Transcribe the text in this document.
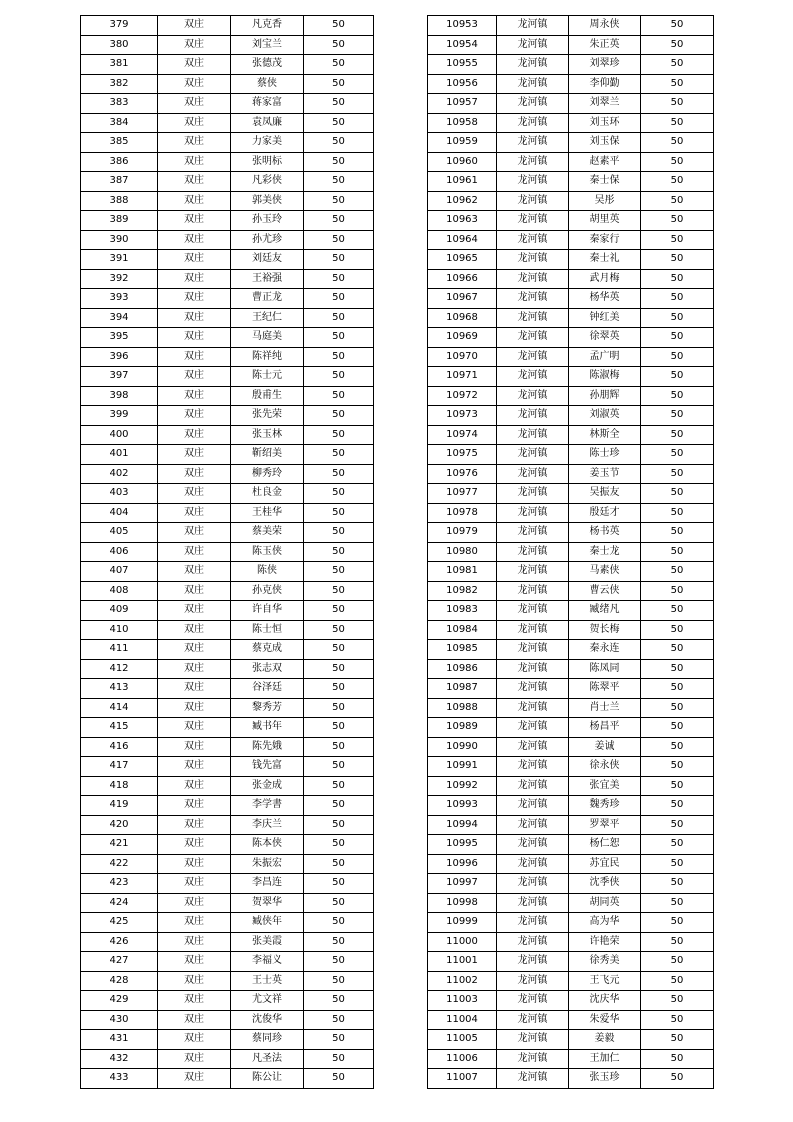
379	双庄	凡克香	50
380	双庄	刘宝兰	50
381	双庄	张德茂	50
382	双庄	蔡侠	50
383	双庄	蒋家富	50
384	双庄	袁凤廉	50
385	双庄	力家美	50
386	双庄	张明标	50
387	双庄	凡彩侠	50
388	双庄	郭美侠	50
389	双庄	孙玉玲	50
390	双庄	孙尤珍	50
391	双庄	刘廷友	50
392	双庄	王裕强	50
393	双庄	曹正龙	50
394	双庄	王纪仁	50
395	双庄	马庭美	50
396	双庄	陈祥纯	50
397	双庄	陈士元	50
398	双庄	殷甫生	50
399	双庄	张先荣	50
400	双庄	张玉林	50
401	双庄	靳绍美	50
402	双庄	柳秀玲	50
403	双庄	杜良金	50
404	双庄	王桂华	50
405	双庄	蔡美荣	50
406	双庄	陈玉侠	50
407	双庄	陈侠	50
408	双庄	孙克侠	50
409	双庄	许自华	50
410	双庄	陈士恒	50
411	双庄	蔡克成	50
412	双庄	张志双	50
413	双庄	谷泽廷	50
414	双庄	黎秀芳	50
415	双庄	臧书年	50
416	双庄	陈先娥	50
417	双庄	钱先富	50
418	双庄	张金成	50
419	双庄	李学書	50
420	双庄	李庆兰	50
421	双庄	陈本侠	50
422	双庄	朱振宏	50
423	双庄	李昌连	50
424	双庄	贺翠华	50
425	双庄	臧侠年	50
426	双庄	张美霞	50
427	双庄	李福义	50
428	双庄	王士英	50
429	双庄	尤文祥	50
430	双庄	沈俊华	50
431	双庄	蔡同珍	50
432	双庄	凡圣法	50
433	双庄	陈公让	50
10953	龙河镇	周永侠	50
10954	龙河镇	朱正英	50
10955	龙河镇	刘翠珍	50
10956	龙河镇	李仰勤	50
10957	龙河镇	刘翠兰	50
10958	龙河镇	刘玉环	50
10959	龙河镇	刘玉保	50
10960	龙河镇	赵素平	50
10961	龙河镇	秦士保	50
10962	龙河镇	吴彤	50
10963	龙河镇	胡里英	50
10964	龙河镇	秦家行	50
10965	龙河镇	秦士礼	50
10966	龙河镇	武月梅	50
10967	龙河镇	杨华英	50
10968	龙河镇	钟红美	50
10969	龙河镇	徐翠英	50
10970	龙河镇	孟广明	50
10971	龙河镇	陈淑梅	50
10972	龙河镇	孙朋辉	50
10973	龙河镇	刘淑英	50
10974	龙河镇	林斯全	50
10975	龙河镇	陈士珍	50
10976	龙河镇	姜玉节	50
10977	龙河镇	吴振友	50
10978	龙河镇	殷廷才	50
10979	龙河镇	杨书英	50
10980	龙河镇	秦士龙	50
10981	龙河镇	马素侠	50
10982	龙河镇	曹云侠	50
10983	龙河镇	臧绪凡	50
10984	龙河镇	贺长梅	50
10985	龙河镇	秦永连	50
10986	龙河镇	陈凤同	50
10987	龙河镇	陈翠平	50
10988	龙河镇	肖士兰	50
10989	龙河镇	杨昌平	50
10990	龙河镇	姜诚	50
10991	龙河镇	徐永侠	50
10992	龙河镇	张宜美	50
10993	龙河镇	魏秀珍	50
10994	龙河镇	罗翠平	50
10995	龙河镇	杨仁恕	50
10996	龙河镇	苏宜民	50
10997	龙河镇	沈季侠	50
10998	龙河镇	胡同英	50
10999	龙河镇	高为华	50
11000	龙河镇	许艳荣	50
11001	龙河镇	徐秀美	50
11002	龙河镇	王飞元	50
11003	龙河镇	沈庆华	50
11004	龙河镇	朱爱华	50
11005	龙河镇	姜毅	50
11006	龙河镇	王加仁	50
11007	龙河镇	张玉珍	50
